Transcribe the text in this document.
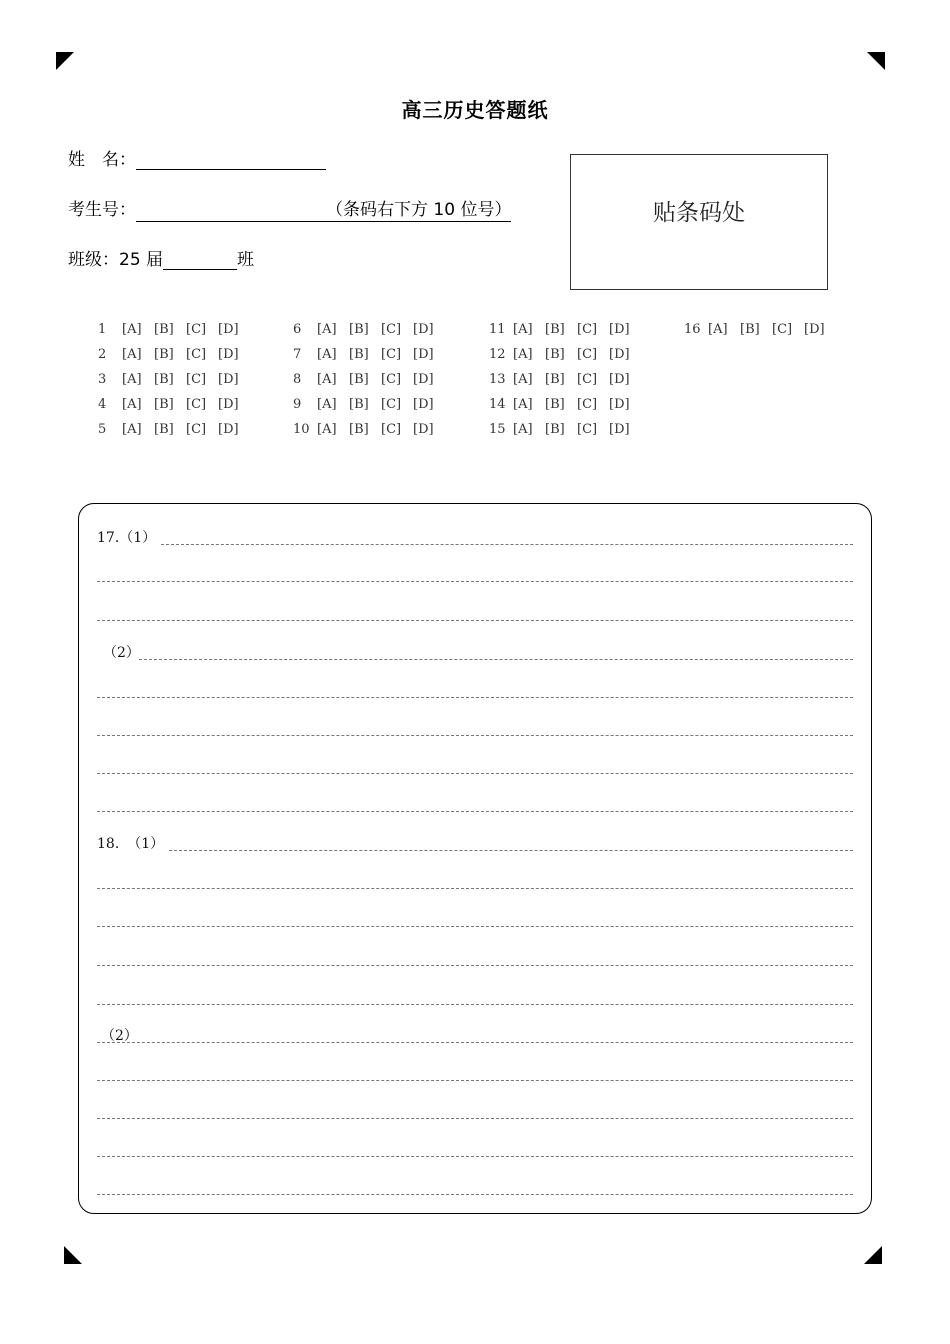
高三历史答题纸
姓　名：
考生号：	（条码右下方 10 位号）
班级：25 届	班
贴条码处
1 [A] [B] [C] [D]
2 [A] [B] [C] [D]
3 [A] [B] [C] [D]
4 [A] [B] [C] [D]
5 [A] [B] [C] [D]
6 [A] [B] [C] [D]
7 [A] [B] [C] [D]
8 [A] [B] [C] [D]
9 [A] [B] [C] [D]
10 [A] [B] [C] [D]
11 [A] [B] [C] [D]
12 [A] [B] [C] [D]
13 [A] [B] [C] [D]
14 [A] [B] [C] [D]
15 [A] [B] [C] [D]
16 [A] [B] [C] [D]
17.（1）
（2）
18. （1）
（2）
